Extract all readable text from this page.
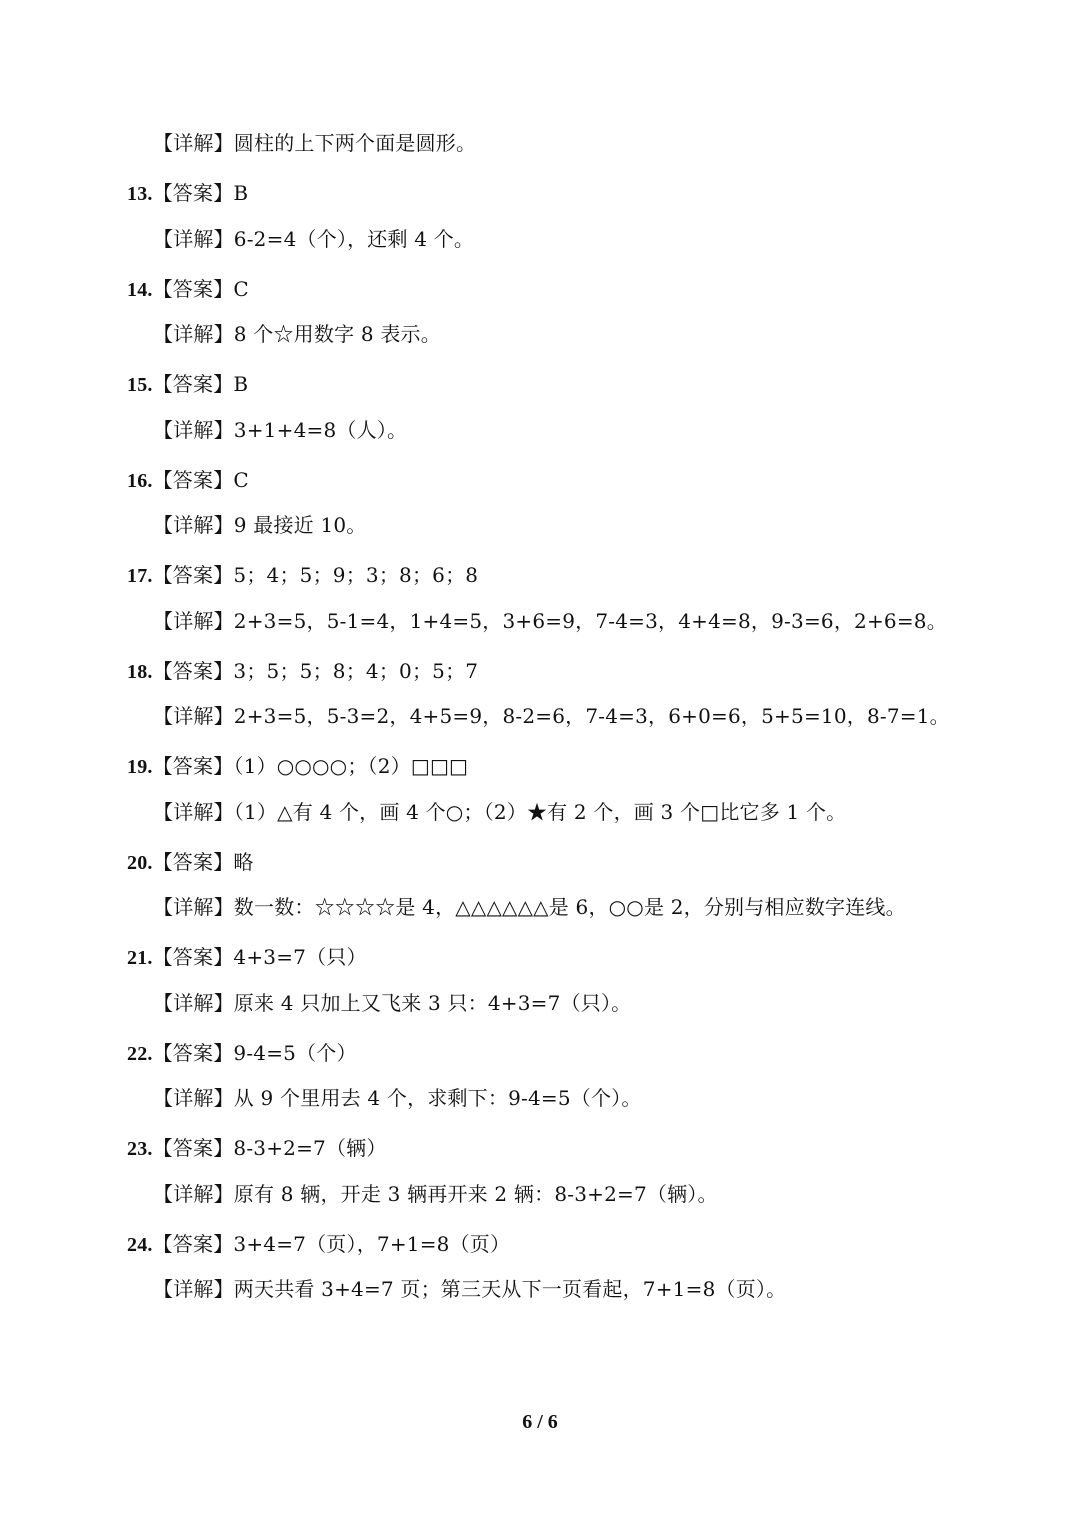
【详解】圆柱的上下两个面是圆形。
13.【答案】B
【详解】6-2=4（个），还剩 4 个。
14.【答案】C
【详解】8 个☆用数字 8 表示。
15.【答案】B
【详解】3+1+4=8（人）。
16.【答案】C
【详解】9 最接近 10。
17.【答案】5；4；5；9；3；8；6；8
【详解】2+3=5，5-1=4，1+4=5，3+6=9，7-4=3，4+4=8，9-3=6，2+6=8。
18.【答案】3；5；5；8；4；0；5；7
【详解】2+3=5，5-3=2，4+5=9，8-2=6，7-4=3，6+0=6，5+5=10，8-7=1。
19.【答案】（1）○○○○；（2）□□□
【详解】（1）△有 4 个，画 4 个○；（2）★有 2 个，画 3 个□比它多 1 个。
20.【答案】略
【详解】数一数：☆☆☆☆是 4，△△△△△△是 6，○○是 2，分别与相应数字连线。
21.【答案】4+3=7（只）
【详解】原来 4 只加上又飞来 3 只：4+3=7（只）。
22.【答案】9-4=5（个）
【详解】从 9 个里用去 4 个，求剩下：9-4=5（个）。
23.【答案】8-3+2=7（辆）
【详解】原有 8 辆，开走 3 辆再开来 2 辆：8-3+2=7（辆）。
24.【答案】3+4=7（页），7+1=8（页）
【详解】两天共看 3+4=7 页；第三天从下一页看起，7+1=8（页）。
6 / 6
